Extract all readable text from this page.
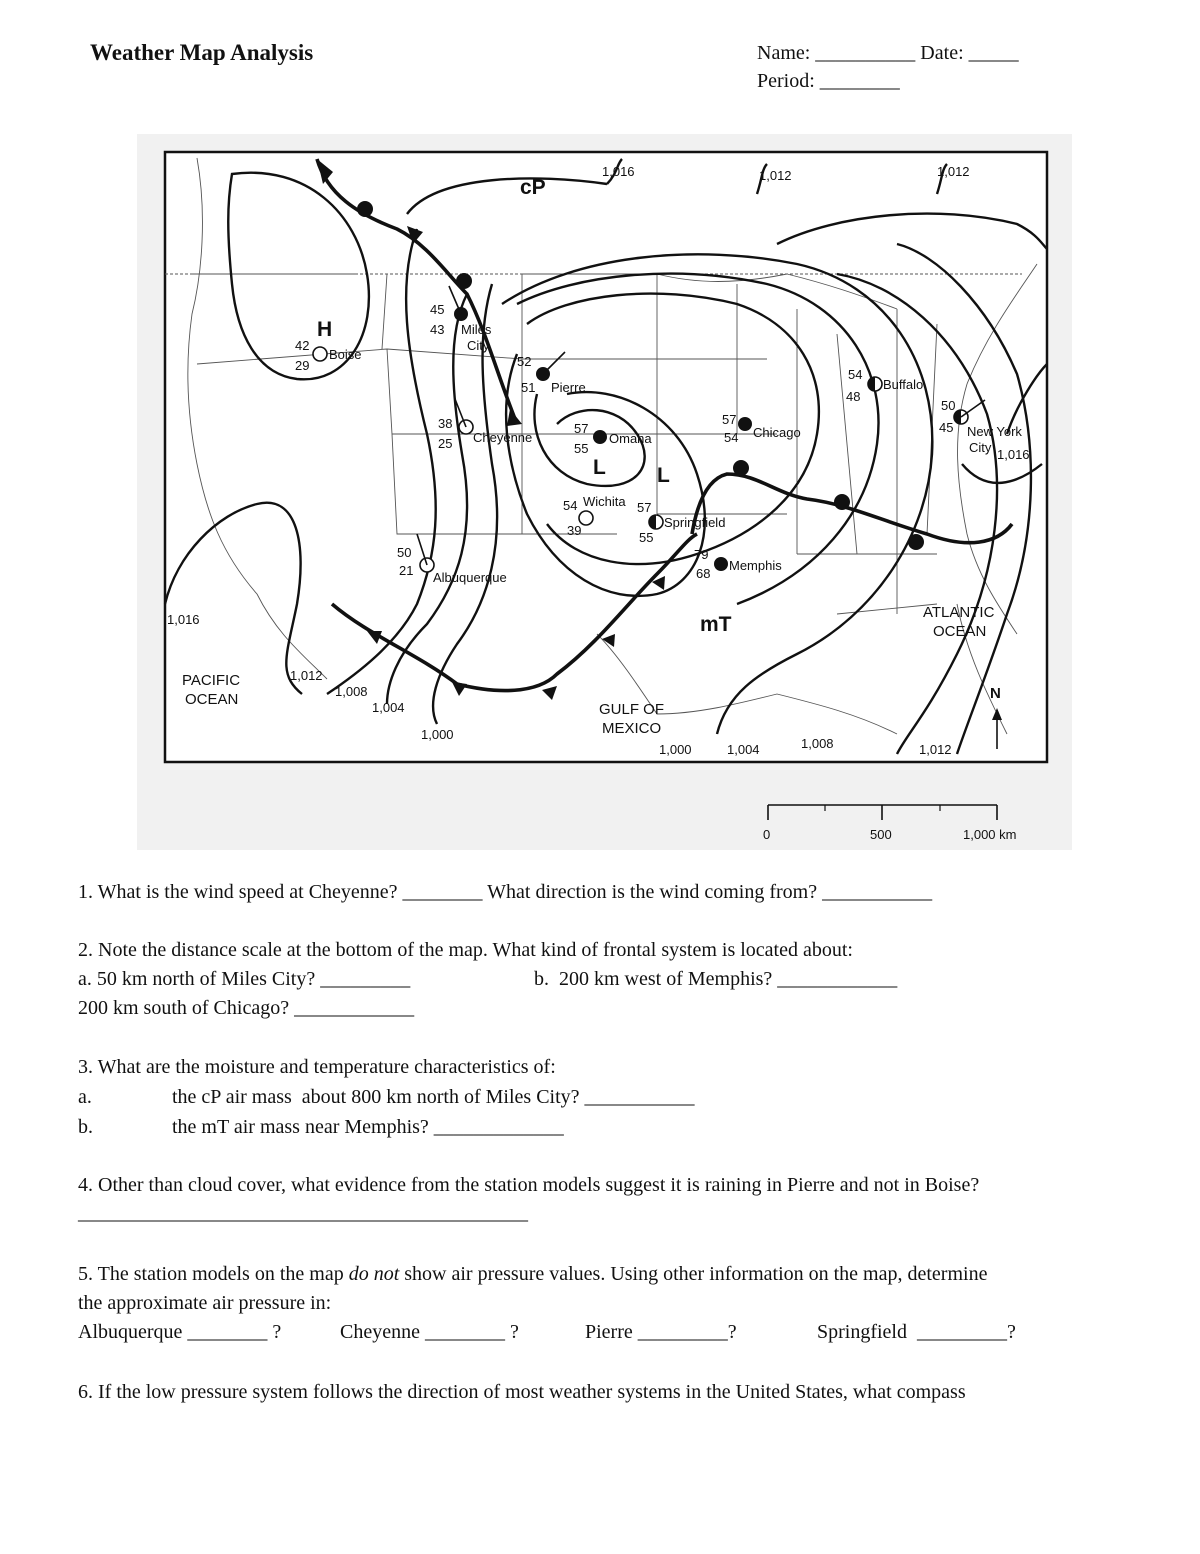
Weather Map Analysis	Name: __________ Date: _____
Period: ________
cP
mT
H
L L
1,016	1,012	1,012
1,016
1,012
1,008
1,004
1,000
1,000	1,004	1,008	1,012
1,016
PACIFIC
OCEAN
ATLANTIC
OCEAN
GULF OF
MEXICO
Boise
42
29
Miles
City
45
43
Pierre
52
51
Cheyenne
38
25	Omaha
57
55
Wichita
54
39
Springfield
57
55
Chicago
57
54
Memphis
79
68
Albuquerque
50
21
Buffalo
54
48
New York
City
50
45
N
0	500	1,000 km
1. What is the wind speed at Cheyenne? ________ What direction is the wind coming from? ___________
2. Note the distance scale at the bottom of the map. What kind of frontal system is located about:
a. 50 km north of Miles City? _________	b.  200 km west of Memphis? ____________
200 km south of Chicago? ____________
3. What are the moisture and temperature characteristics of:
a.	the cP air mass  about 800 km north of Miles City? ___________
b.	the mT air mass near Memphis? _____________
4. Other than cloud cover, what evidence from the station models suggest it is raining in Pierre and not in Boise?
_____________________________________________
5. The station models on the map do not show air pressure values. Using other information on the map, determine
the approximate air pressure in:
Albuquerque ________ ?	Cheyenne ________ ?	Pierre _________?	Springfield  _________?
6. If the low pressure system follows the direction of most weather systems in the United States, what compass
